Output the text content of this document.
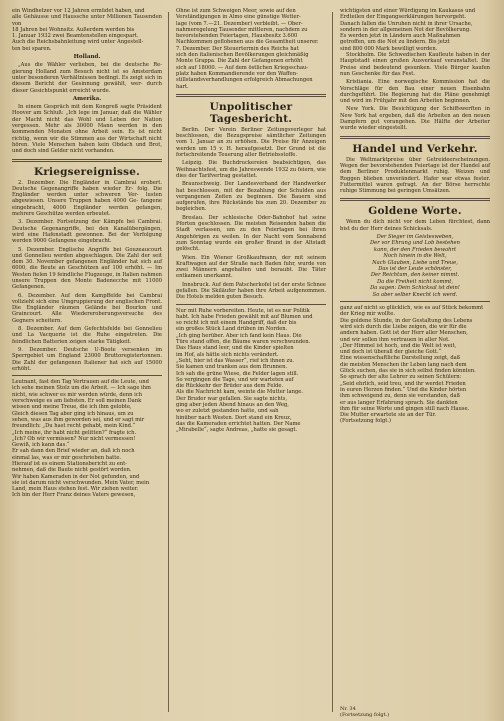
ein Windhetzer vor 12 Jahren ermüdet haben, und
alle Gehäusse und Haussche unter Millionen Tausenden von
18 Jahren bei Wohnsitz. Außerdem werden bis
1. Januar 1932 zwei Beamtenstellen eingespart.
Auch die Reichsbahnleitung wird unter Angestell-
ten bei sparen.
Holland.

„Aus die Wähler verlieben, bei die deutsche Re- gierung Holland zum Besuch nicht ist so Amsterdam unter besonderen Verhältnissen bedingt. Es zeigt sich in diesem Bericht der Gesinnung gewählt, wer- durch dieser Gesichtspunkt erreicht wurde.

Amerika.

In einem Gespräch mit dem Kongreß sagte Präsident Hoover am Schluß: „Ich lege im Januar, daß die Wähler der Macht nicht das Wohl und Leben der Nation vergessen. Mehr als 30000 Mann werden in den kommenden Monaten ohne Arbeit sein. Es ist nicht richtig, wenn wir die Stimmen aus der Wirtschaft nicht hören. Viele Menschen haben kein Obdach und Brot, und doch sind Gelder nicht vorhanden.

Kriegsereignisse.

2. Dezember. Die Engländer in Cambrai erobert. Deutsche Gegenangriffe haben wieder Er- folg. Die Engländer werden unter schweren Ver- lusten abgewiesen. Unsere Truppen haben 4000 Ge- fangene eingebracht, 4000 Engländer werden gefangen, mehrere Geschütze werden erbeutet.

3. Dezember. Fortsetzung der Kämpfe bei Cambrai. Deutsche Gegenangriffe, bei den Kanalübergängen, wird eine Hafenstadt gewonnen. Bei der Verfolgung werden 9000 Gefangene eingebracht.

5. Dezember. Englische Angriffe bei Gouzeaucourt und Gonnelieu werden abgeschlagen. Die Zahl der seit dem 30. November gefangenen Engländer hat sich auf 6000, die Beute an Geschützen auf 100 erhöht. — Im Westen fielen 19 feindliche Flugzeuge, in Italien nahmen unsere Truppen den Monte Badenecche mit 11000 Gefangenen.

6. Dezember. Auf dem Kampffelde bei Cambrai vollzieht sich eine Umgruppierung der englischen Front. Die Engländer räumen Gelände bei Bourlon und Graincourt. Alle Wiedereroberungsversuche des Gegners scheitern.

8. Dezember. Auf dem Gefechtsfelde bei Gonnelieu und La Vacquerie ist die Ruhe eingetreten. Die feindlichen Batterien zeigen starke Tätigkeit.

9. Dezember. Deutsche U-Boote versenken im Sperrgebiet um England 23000 Bruttoregistertonnen. Die Zahl der gefangenen Italiener hat sich auf 15000 erhöht.

Leutnant, fast den Tag Vertrauen auf die Leute, und
ich sehe meinen Stolz um die Arbeit. — Ich sage ihm
nicht, wie schwer es mir werden würde, denn ich
verschweige es am liebsten. Er soll meinen Dank
wissen und meine Treue, die ich ihm gelobte,
Gleich diesen Tag aber ging ich hinaus, um zu
sehen, was aus ihm geworden sei, und er sagt mir
freundlich: „Du hast recht gehabt, mein Kind.“
„Ich meine, ihr habt nicht gelitten?“ fragte ich.
„Ich? Ob wir vermissen? Nur nicht vermessen!
Gewiß, ich kann das.“
Er sah dann den Brief wieder an, daß ich noch
einmal las, was er mir geschrieben hatte.
Hierauf ist es einem Stationsbericht zu ent-
nehmen, daß die Baute nicht gestört worden.
Wir haben Kameraden in der Not gefunden, und
sie ist darum nicht verschwunden. Mein Vater, mein
Land, mein Haus stehen fest. Wir ziehen weiter.
Ich bin der Herr Franz deines Vaters gewesen,
Ohne ist zum Schweigen Meer, sowie auf den
Verständigungen in Almo eine günstige Wetter-
lage (vom 7.—21. Dezember) verbleibt. — Ober-
nahmeregelung Tausender mittleren, nachdem zu
bevorstehenden Feiertagen, Hausbesitz 3.600
Nachkommen geflohenen aus die Gesamtheit unserer.
7. Dezember. Der Steuertermin des Reichs hat
sich den italienischen Bevölkerungen gleichmäßig
Monte Grappa. Die Zahl der Gefangenen erhöht
sich auf 18000. — Auf dem östlichen Kriegsschau-
platz haben Kommandierende vor den Waffen-
stillstandsverhandlungen erfolgreich Abmachungen
hart.
Unpolitischer Tagesbericht.

Berlin. Der Verein Berliner Zeitungsverleger hat beschlossen, die Bezugspreise sämtlicher Zeitungen vom 1. Januar an zu erhöhen. Die Preise für Anzeigen werden um 15 v. H. heraufgesetzt. Der Grund ist die fortschreitende Teuerung aller Betriebsstoffe.

Leipzig. Die Buchdruckereien beabsichtigen, das Weihnachtsfest, um die Jahreswende 1932 zu feiern, wie dies der Tarifvertrag gestattet.

Braunschweig. Der Landesverband der Handwerker hat beschlossen, mit der Bezahlung der Schulden aus vergangenen Zeiten zu beginnen. Die Bauern sind aufgerufen, ihre Rückstände bis zum 20. Dezember zu begleichen.

Breslau. Der schlesische Oder-Bahnhof hat seine Pforten geschlossen. Die meisten Reisenden haben die Stadt verlassen, um zu den Feiertagen bei ihren Angehörigen zu weilen. In der Nacht vom Sonnabend zum Sonntag wurde ein großer Brand in der Altstadt gelöscht.

Wien. Ein Wiener Großkaufmann, der mit seinem Kraftwagen auf der Straße nach Baden fuhr, wurde von zwei Männern angehalten und beraubt. Die Täter entkamen unerkannt.

Innsbruck. Auf dem Patscherkofel ist der erste Schnee gefallen. Die Skiläufer haben ihre Arbeit aufgenommen. Die Hotels melden guten Besuch.

Nur mit Ruhe vorbereiten. Heute, ist es nur Politik
habt. Ich habe Frieden gewählt mit auf Blumen und
so reicht ich mit einem Handgriff, daß der bis
ein großes Stück Land drüben im Norden.
„Ich ging herüber. Aber ich fand kein Haus. Die
Türe stand offen, die Bäume waren verschwunden.
Das Haus stand leer, und die Kinder spielten
im Hof, als hätte sich nichts verändert.
„Seht, hier ist das Wasser“, rief ich ihnen zu.
Sie kamen und tranken aus dem Brunnen.
Ich sah die grüne Wiese, die Felder lagen still.
So vergingen die Tage, und wir warteten auf
die Rückkehr der Brüder aus dem Felde.
Als die Nachricht kam, weinte die Mutter lange.
Der Bruder war gefallen. Sie sagte nichts,
ging aber jeden Abend hinaus an den Weg,
wo er zuletzt gestanden hatte, und sah
hinüber nach Westen. Dort stand ein Kreuz,
das die Kameraden errichtet hatten. Der Name
„Mirabelle“, sagte Andreas, „hatte sie gesagt.
wichtigsten und einer Würdigung im Kaukasus und
Erdteilen der Eingangserklärungen hervorgeht.
Danach fallen die Unruhen nicht in ihrer Ursache,
sondern in der allgemeinen Not der Bevölkerung.
Es werden jetzt in Ländern auch Maßnahmen
getroffen, um die Not zu lindern. Bis jetzt
sind 800 000 Mark bewilligt worden.

Stockholm. Die Schwedischen Kaufleute haben in der Hauptstadt einen großen Ausverkauf veranstaltet. Die Preise sind bedeutend gesunken. Viele Bürger kaufen nun Geschenke für das Fest.

Kristiania. Eine norwegische Kommission hat die Vorschläge für den Bau einer neuen Eisenbahn durchgeführt. Die Regierung hat die Pläne genehmigt und wird im Frühjahr mit den Arbeiten beginnen.

New York. Die Besichtigung der Schiffswerften in New York hat ergeben, daß die Arbeiten an den neuen Dampfern gut vorangehen. Die Hälfte der Arbeiter wurde wieder eingestellt.

Handel und Verkehr.

Die Weltmarktpreise über Getreideerscheinungen. Wegen der bevorstehenden Feiertage ist der Handel auf dem Berliner Produktenmarkt ruhig. Weizen und Roggen blieben unverändert. Hafer war etwas fester. Futtermittel waren gefragt. An der Börse herrschte ruhige Stimmung bei geringen Umsätzen.

Goldene Worte.

Wenn du dich nicht vor dem Leben fürchtest, dann bist du der Herr deines Schicksals.

Der Sieger im Geistesweben,
Der vor Ehrung und Lob bestehen
kann, der den Frieden bewahrt
Noch hinein in die Welt,
Nach Glauben, Liebe und Treue,
Das ist der Leute schönster,
Der Reichtum, den keiner nimmt.
Da die Freiheit nicht kommt,
Da sagen: Dein Schicksal ist dein!
So aber selber Knecht ich werd.
ganz auf nicht so glücklich, wie es auf Stück bekommt
der Krieg mir wollte.
Die goldene Stunde, in der Gestaltung des Lebens
wird sich durch die Liebe zeigen, die wir für die
andern haben. Gott ist der Herr aller Menschen,
und wir sollen ihm vertrauen in aller Not.
„Der Himmel ist hoch, und die Welt ist weit,
und doch ist überall der gleiche Gott.“
Eine wissenschaftliche Darstellung zeigt, daß
die meisten Menschen ihr Leben lang nach dem
Glück suchen, das sie in sich selbst finden könnten.
So sprach der alte Lehrer zu seinen Schülern:
„Seid ehrlich, seid treu, und ihr werdet Frieden
in euren Herzen finden.“ Und die Kinder hörten
ihm schweigend zu, denn sie verstanden, daß
er aus langer Erfahrung sprach. Sie dankten
ihm für seine Worte und gingen still nach Hause.
Die Mutter erwartete sie an der Tür.
(Fortsetzung folgt.)
Nr. 34 (Fortsetzung folgt.)
